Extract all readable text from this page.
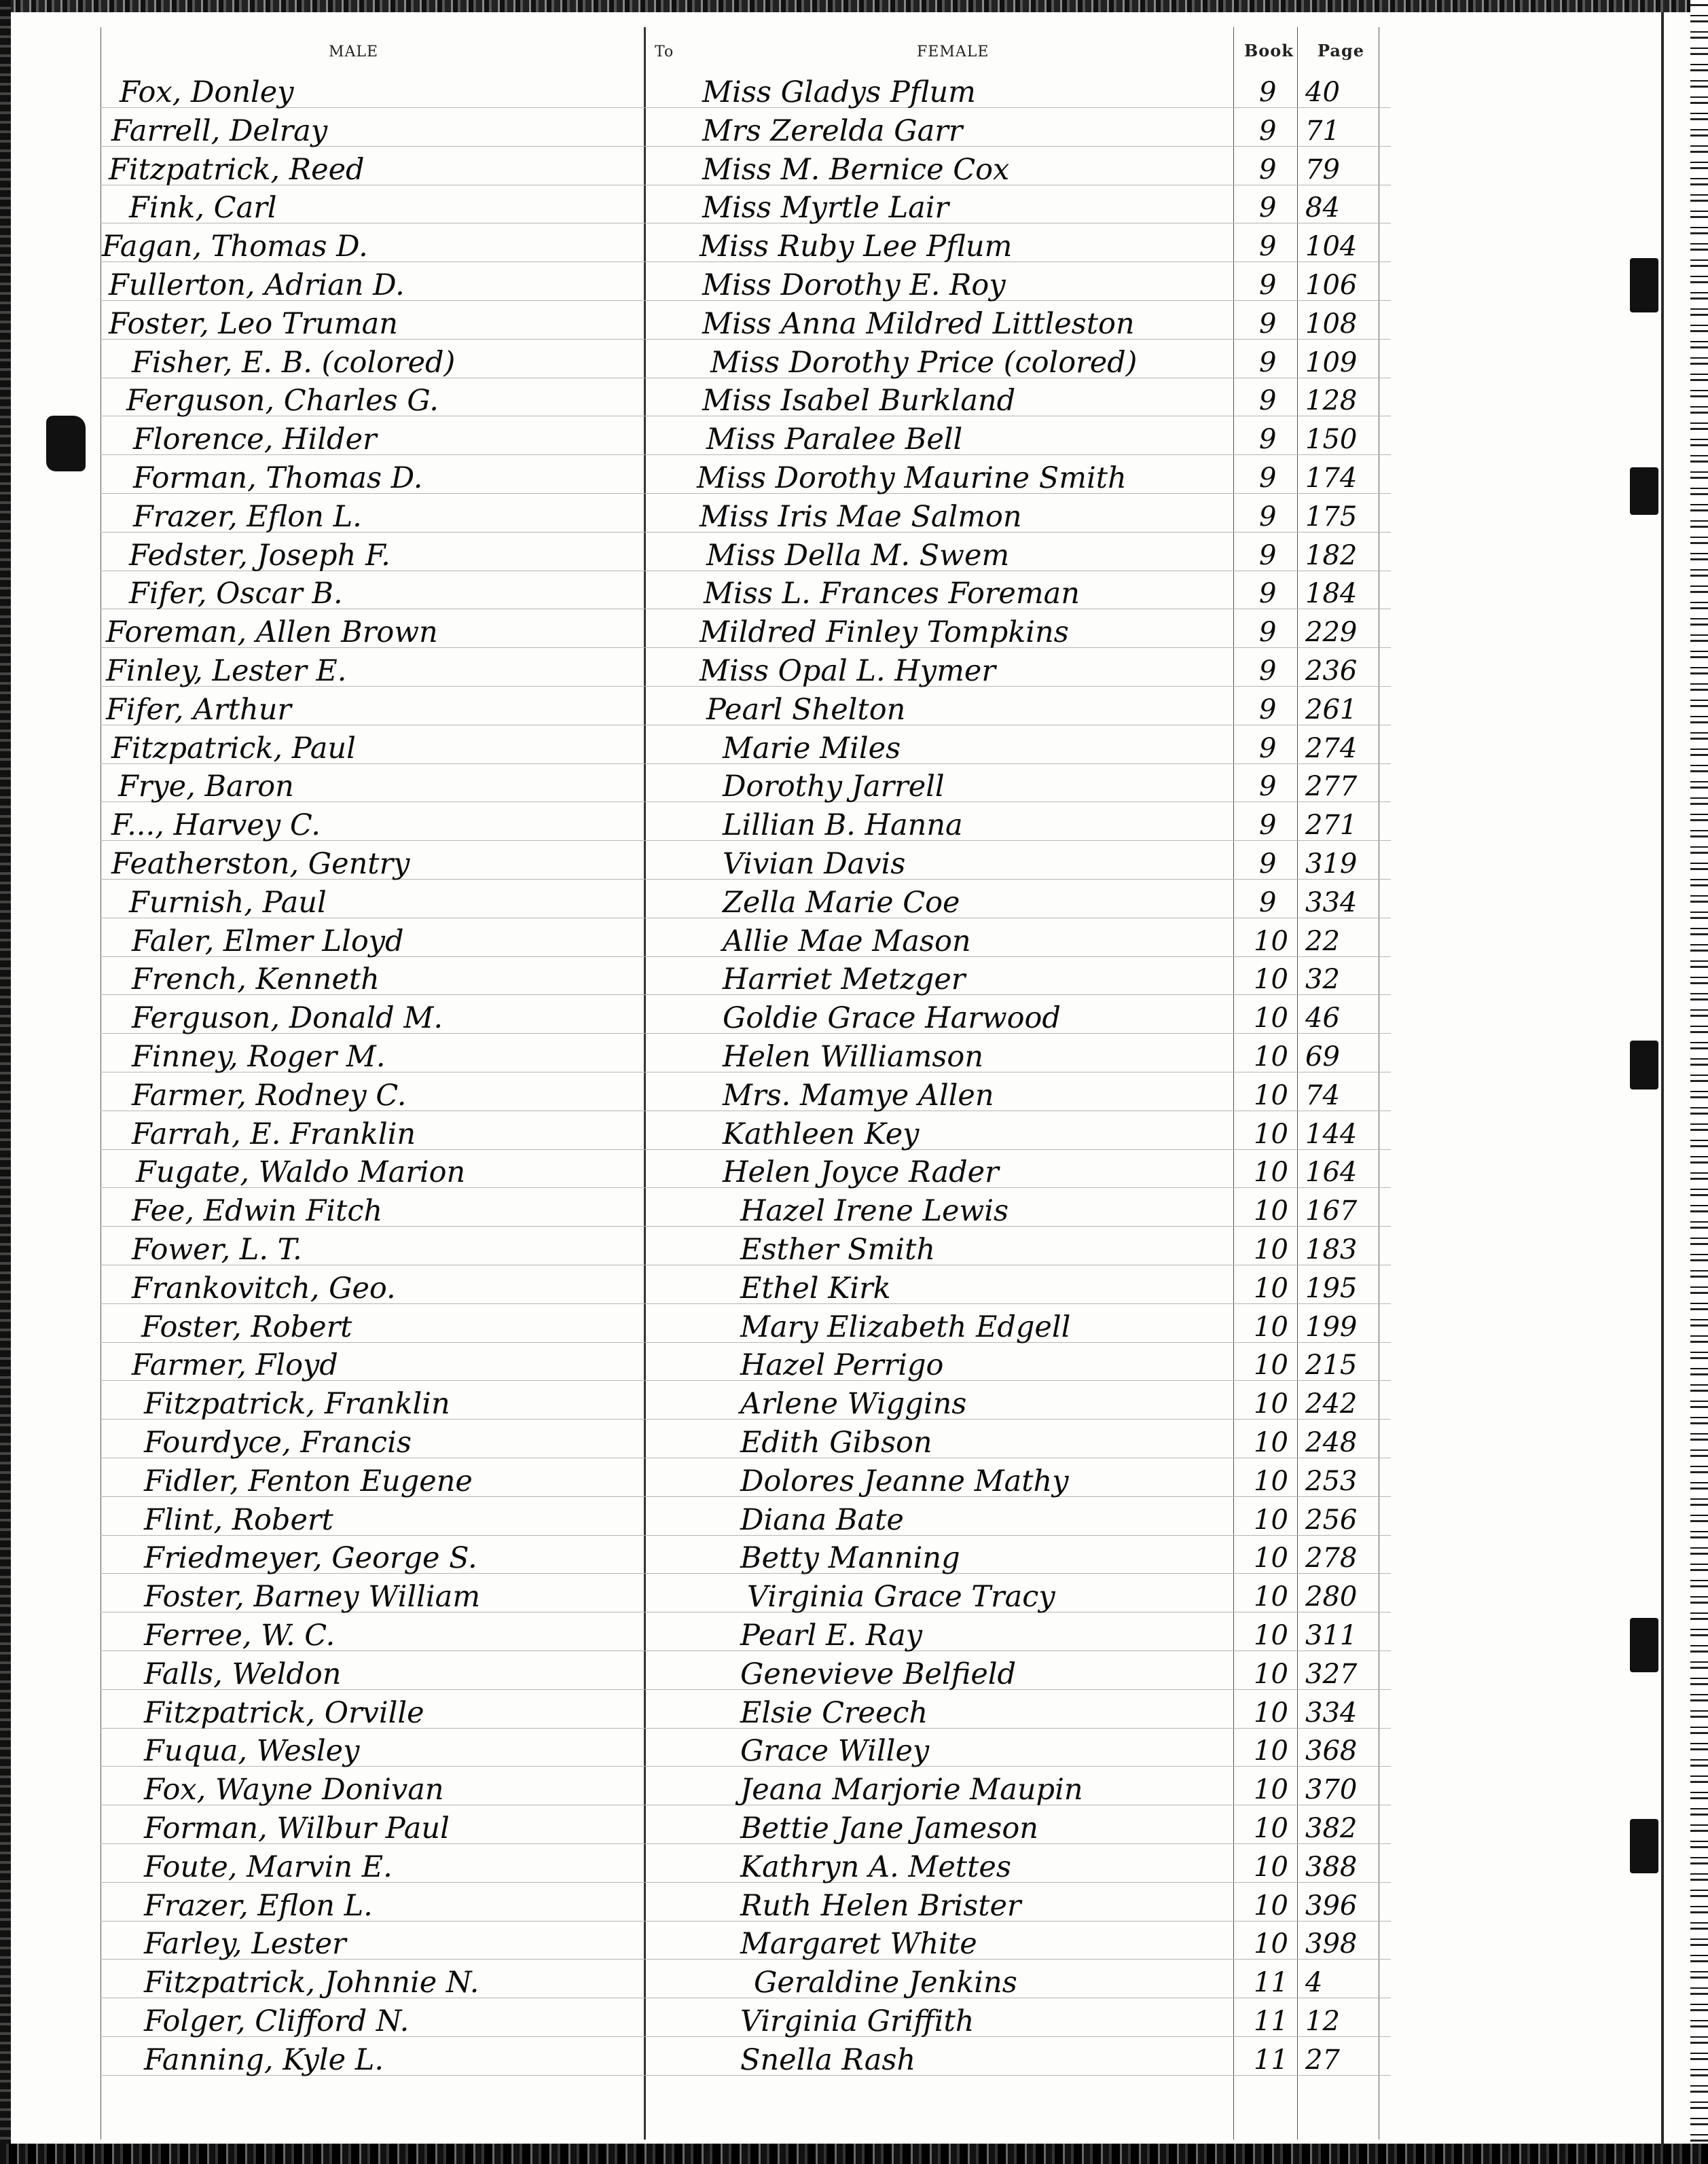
MALE	To	FEMALE	Book Page
Fox, Donley	Miss Gladys Pflum	9 40
Farrell, Delray	Mrs Zerelda Garr	9 71
Fitzpatrick, Reed	Miss M. Bernice Cox	9 79
Fink, Carl	Miss Myrtle Lair	9 84
Fagan, Thomas D.	Miss Ruby Lee Pflum	9 104
Fullerton, Adrian D.	Miss Dorothy E. Roy	9 106
Foster, Leo Truman	Miss Anna Mildred Littleston	9 108
Fisher, E. B. (colored)	Miss Dorothy Price (colored)	9 109
Ferguson, Charles G.	Miss Isabel Burkland	9 128
Florence, Hilder	Miss Paralee Bell	9 150
Forman, Thomas D.	Miss Dorothy Maurine Smith	9 174
Frazer, Eflon L.	Miss Iris Mae Salmon	9 175
Fedster, Joseph F.	Miss Della M. Swem	9 182
Fifer, Oscar B.	Miss L. Frances Foreman	9 184
Foreman, Allen Brown	Mildred Finley Tompkins	9 229
Finley, Lester E.	Miss Opal L. Hymer	9 236
Fifer, Arthur	Pearl Shelton	9 261
Fitzpatrick, Paul	Marie Miles	9 274
Frye, Baron	Dorothy Jarrell	9 277
F..., Harvey C.	Lillian B. Hanna	9 271
Featherston, Gentry	Vivian Davis	9 319
Furnish, Paul	Zella Marie Coe	9 334
Faler, Elmer Lloyd	Allie Mae Mason	10 22
French, Kenneth	Harriet Metzger	10 32
Ferguson, Donald M.	Goldie Grace Harwood	10 46
Finney, Roger M.	Helen Williamson	10 69
Farmer, Rodney C.	Mrs. Mamye Allen	10 74
Farrah, E. Franklin	Kathleen Key	10 144
Fugate, Waldo Marion	Helen Joyce Rader	10 164
Fee, Edwin Fitch	Hazel Irene Lewis	10 167
Fower, L. T.	Esther Smith	10 183
Frankovitch, Geo.	Ethel Kirk	10 195
Foster, Robert	Mary Elizabeth Edgell	10 199
Farmer, Floyd	Hazel Perrigo	10 215
Fitzpatrick, Franklin	Arlene Wiggins	10 242
Fourdyce, Francis	Edith Gibson	10 248
Fidler, Fenton Eugene	Dolores Jeanne Mathy	10 253
Flint, Robert	Diana Bate	10 256
Friedmeyer, George S.	Betty Manning	10 278
Foster, Barney William	Virginia Grace Tracy	10 280
Ferree, W. C.	Pearl E. Ray	10 311
Falls, Weldon	Genevieve Belfield	10 327
Fitzpatrick, Orville	Elsie Creech	10 334
Fuqua, Wesley	Grace Willey	10 368
Fox, Wayne Donivan	Jeana Marjorie Maupin	10 370
Forman, Wilbur Paul	Bettie Jane Jameson	10 382
Foute, Marvin E.	Kathryn A. Mettes	10 388
Frazer, Eflon L.	Ruth Helen Brister	10 396
Farley, Lester	Margaret White	10 398
Fitzpatrick, Johnnie N.	Geraldine Jenkins	11 4
Folger, Clifford N.	Virginia Griffith	11 12
Fanning, Kyle L.	Snella Rash	11 27
